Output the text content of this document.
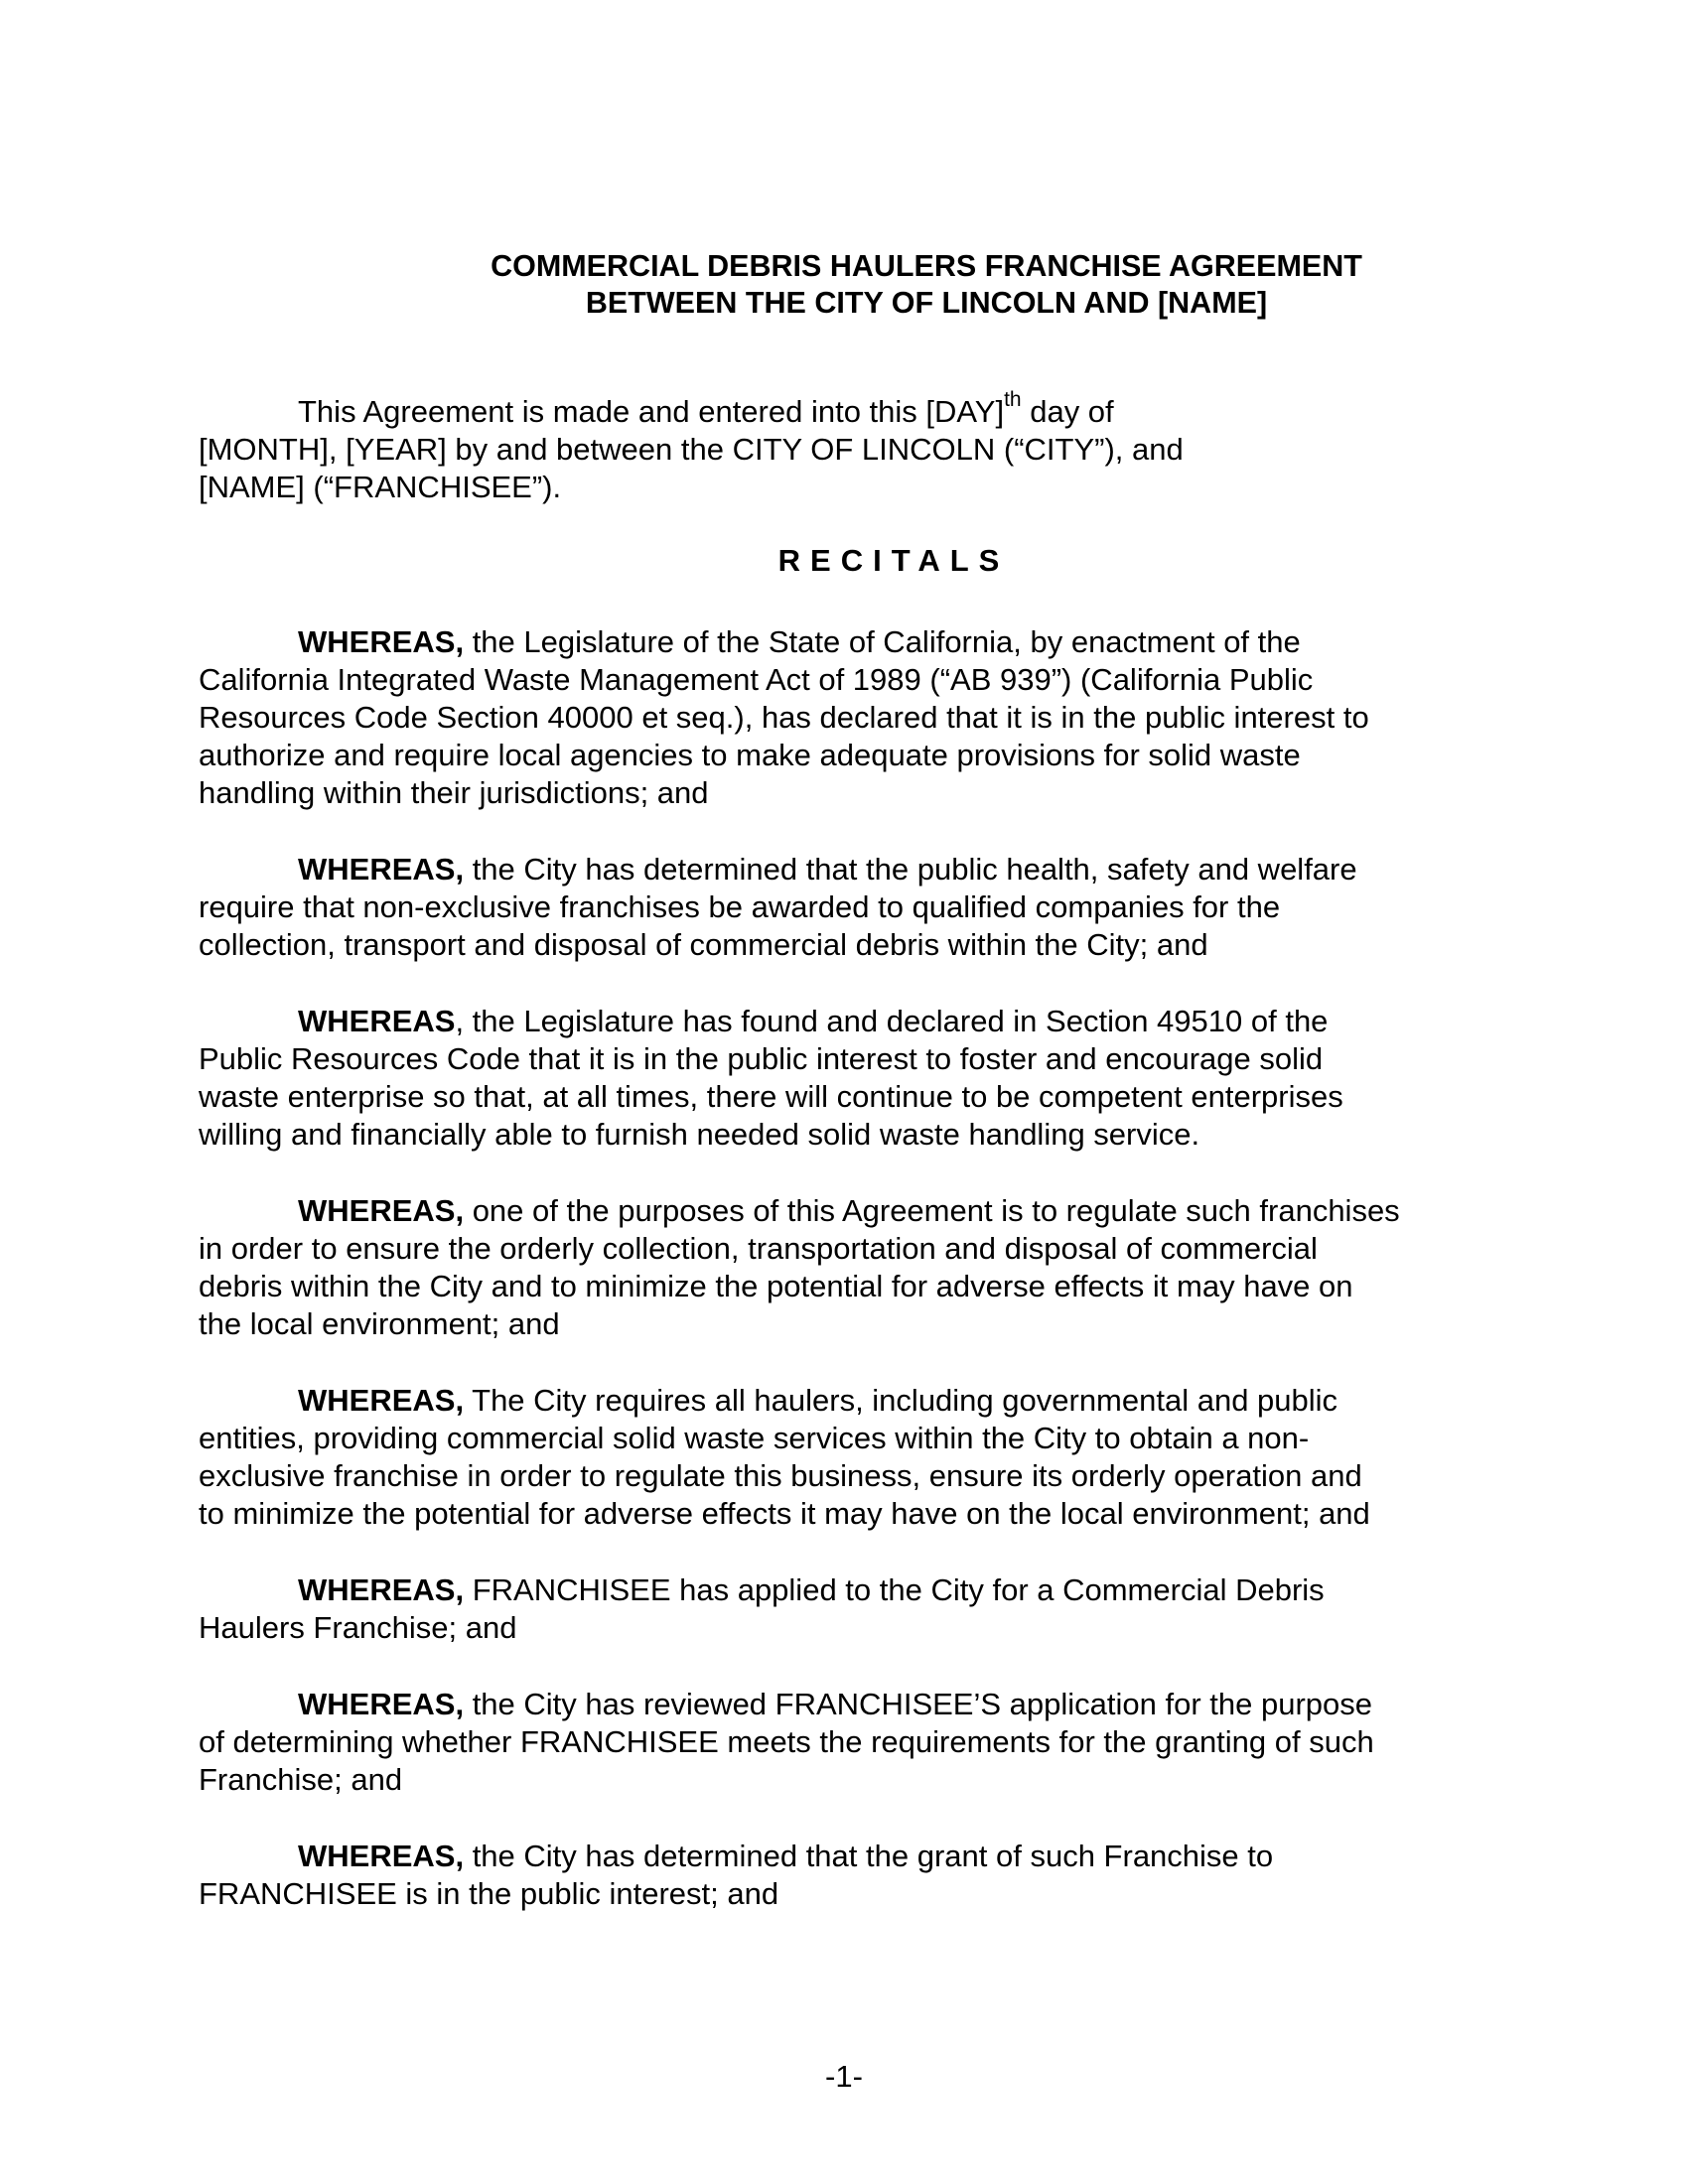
COMMERCIAL DEBRIS HAULERS FRANCHISE AGREEMENT
BETWEEN THE CITY OF LINCOLN AND [NAME]
This Agreement is made and entered into this [DAY]$^{th}$ day of
[MONTH], [YEAR] by and between the CITY OF LINCOLN (“CITY”), and
[NAME] (“FRANCHISEE”).
RECITALS
WHEREAS, the Legislature of the State of California, by enactment of the
California Integrated Waste Management Act of 1989 (“AB 939”) (California Public
Resources Code Section 40000 et seq.), has declared that it is in the public interest to
authorize and require local agencies to make adequate provisions for solid waste
handling within their jurisdictions; and
WHEREAS, the City has determined that the public health, safety and welfare
require that non-exclusive franchises be awarded to qualified companies for the
collection, transport and disposal of commercial debris within the City; and
WHEREAS, the Legislature has found and declared in Section 49510 of the
Public Resources Code that it is in the public interest to foster and encourage solid
waste enterprise so that, at all times, there will continue to be competent enterprises
willing and financially able to furnish needed solid waste handling service.
WHEREAS, one of the purposes of this Agreement is to regulate such franchises
in order to ensure the orderly collection, transportation and disposal of commercial
debris within the City and to minimize the potential for adverse effects it may have on
the local environment; and
WHEREAS, The City requires all haulers, including governmental and public
entities, providing commercial solid waste services within the City to obtain a non-
exclusive franchise in order to regulate this business, ensure its orderly operation and
to minimize the potential for adverse effects it may have on the local environment; and
WHEREAS, FRANCHISEE has applied to the City for a Commercial Debris
Haulers Franchise; and
WHEREAS, the City has reviewed FRANCHISEE’S application for the purpose
of determining whether FRANCHISEE meets the requirements for the granting of such
Franchise; and
WHEREAS, the City has determined that the grant of such Franchise to
FRANCHISEE is in the public interest; and
-1-
